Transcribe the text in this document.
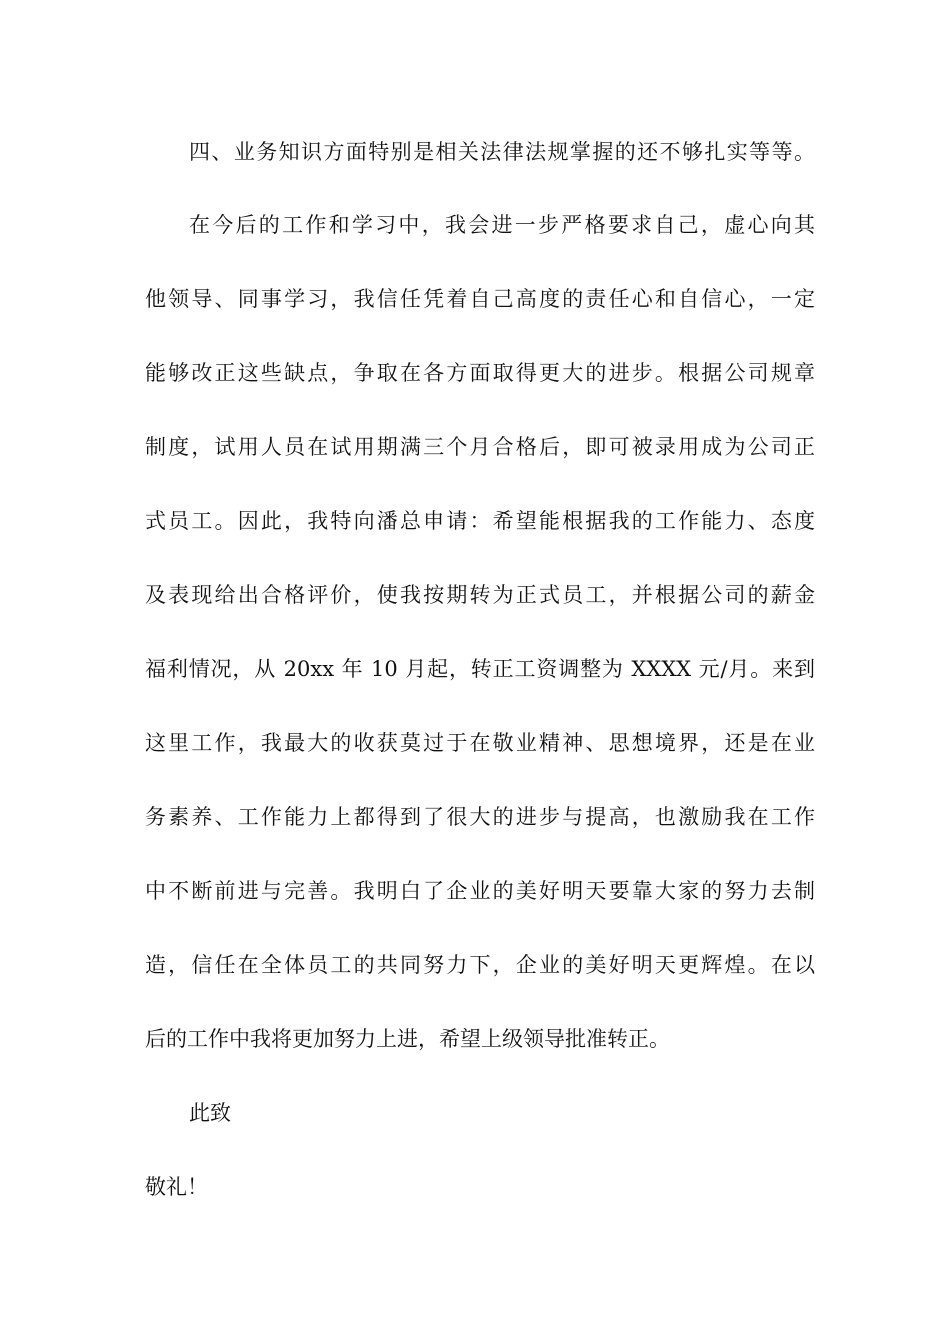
四、业务知识方面特别是相关法律法规掌握的还不够扎实等等。
在今后的工作和学习中，我会进一步严格要求自己，虚心向其
他领导、同事学习，我信任凭着自己高度的责任心和自信心，一定
能够改正这些缺点，争取在各方面取得更大的进步。根据公司规章
制度，试用人员在试用期满三个月合格后，即可被录用成为公司正
式员工。因此，我特向潘总申请：希望能根据我的工作能力、态度
及表现给出合格评价，使我按期转为正式员工，并根据公司的薪金
福利情况，从 20xx 年 10 月起，转正工资调整为 XXXX 元/月。来到
这里工作，我最大的收获莫过于在敬业精神、思想境界，还是在业
务素养、工作能力上都得到了很大的进步与提高，也激励我在工作
中不断前进与完善。我明白了企业的美好明天要靠大家的努力去制
造，信任在全体员工的共同努力下，企业的美好明天更辉煌。在以
后的工作中我将更加努力上进，希望上级领导批准转正。
此致
敬礼！
